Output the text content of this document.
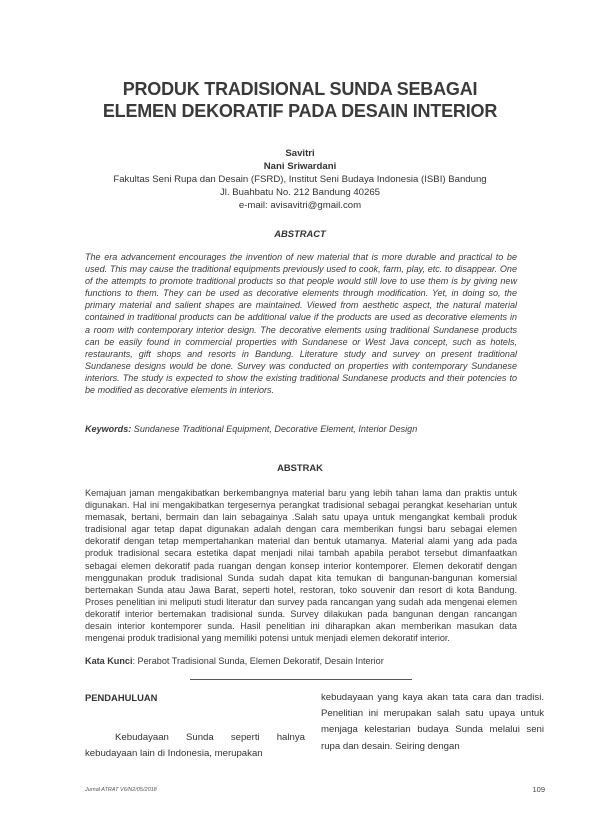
PRODUK TRADISIONAL SUNDA SEBAGAI
ELEMEN DEKORATIF PADA DESAIN INTERIOR
Savitri
Nani Sriwardani
Fakultas Seni Rupa dan Desain (FSRD), Institut Seni Budaya Indonesia (ISBI) Bandung
Jl. Buahbatu No. 212 Bandung 40265
e-mail: avisavitri@gmail.com
ABSTRACT
The era advancement encourages the invention of new material that is more durable and practical to be used. This may cause the traditional equipments previously used to cook, farm, play, etc. to disappear. One of the attempts to promote traditional products so that people would still love to use them is by giving new functions to them. They can be used as decorative elements through modification. Yet, in doing so, the primary material and salient shapes are maintained. Viewed from aesthetic aspect, the natural material contained in traditional products can be additional value if the products are used as decorative elements in a room with contemporary interior design. The decorative elements using traditional Sundanese products can be easily found in commercial properties with Sundanese or West Java concept, such as hotels, restaurants, gift shops and resorts in Bandung. Literature study and survey on present traditional Sundanese designs would be done. Survey was conducted on properties with contemporary Sundanese interiors. The study is expected to show the existing traditional Sundanese products and their potencies to be modified as decorative elements in interiors.
Keywords: Sundanese Traditional Equipment, Decorative Element, Interior Design
ABSTRAK
Kemajuan jaman mengakibatkan berkembangnya material baru yang lebih tahan lama dan praktis untuk digunakan. Hal ini mengakibatkan tergesernya perangkat tradisional sebagai perangkat keseharian untuk memasak, bertani, bermain dan lain sebagainya .Salah satu upaya untuk mengangkat kembali produk tradisional agar tetap dapat digunakan adalah dengan cara memberikan fungsi baru sebagai elemen dekoratif dengan tetap mempertahankan material dan bentuk utamanya. Material alami yang ada pada produk tradisional secara estetika dapat menjadi nilai tambah apabila perabot tersebut dimanfaatkan sebagai elemen dekoratif pada ruangan dengan konsep interior kontemporer. Elemen dekoratif dengan menggunakan produk tradisional Sunda sudah dapat kita temukan di bangunan-bangunan komersial bertemakan Sunda atau Jawa Barat, seperti hotel, restoran, toko souvenir dan resort di kota Bandung. Proses penelitian ini meliputi studi literatur dan survey pada rancangan yang sudah ada mengenai elemen dekoratif interior bertemakan tradisional sunda. Survey dilakukan pada bangunan dengan rancangan desain interior kontemporer sunda. Hasil penelitian ini diharapkan akan memberikan masukan data mengenai produk tradisional yang memiliki potensi untuk menjadi elemen dekoratif interior.
Kata Kunci: Perabot Tradisional Sunda, Elemen Dekoratif, Desain Interior
PENDAHULUAN

Kebudayaan Sunda seperti halnya kebudayaan lain di Indonesia, merupakan

kebudayaan yang kaya akan tata cara dan tradisi. Penelitian ini merupakan salah satu upaya untuk menjaga kelestarian budaya Sunda melalui seni rupa dan desain. Seiring dengan

Jurnal ATRAT V6/N2/05/2018	109
